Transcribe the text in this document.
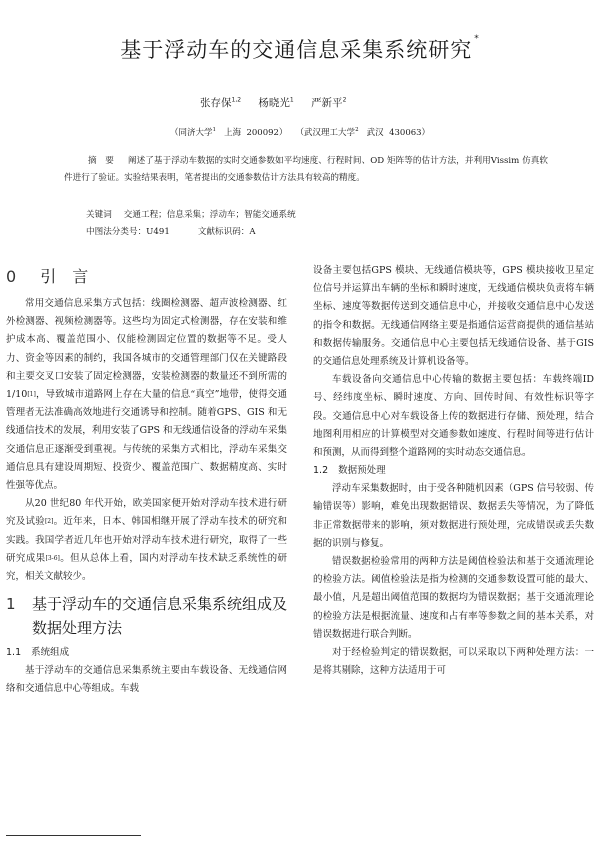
基于浮动车的交通信息采集系统研究 *
张存保$^{1,2}$ 杨晓光$^1$ 严新平$^2$
（同济大学$^1$ 上海 200092） （武汉理工大学$^2$ 武汉 430063）
摘　要 阐述了基于浮动车数据的实时交通参数如平均速度、行程时间、OD 矩阵等的估计方法，并利用Vissim 仿真软件进行了验证。实验结果表明，笔者提出的交通参数估计方法具有较高的精度。
关键词 交通工程；信息采集；浮动车；智能交通系统
中图法分类号：U491	文献标识码：A
0 引　言

常用交通信息采集方式包括：线圈检测器、超声波检测器、红外检测器、视频检测器等。这些均为固定式检测器，存在安装和维护成本高、覆盖范围小、仅能检测固定位置的数据等不足。受人力、资金等因素的制约，我国各城市的交通管理部门仅在关键路段和主要交叉口安装了固定检测器，安装检测器的数量还不到所需的 1/10[1]，导致城市道路网上存在大量的信息“真空”地带，使得交通管理者无法准确高效地进行交通诱导和控制。随着GPS、GIS 和无线通信技术的发展，利用安装了GPS 和无线通信设备的浮动车采集交通信息正逐渐受到重视。与传统的采集方式相比，浮动车采集交通信息具有建设周期短、投资少、覆盖范围广、数据精度高、实时性强等优点。

从20 世纪80 年代开始，欧美国家便开始对浮动车技术进行研究及试验[2]。近年来，日本、韩国相继开展了浮动车技术的研究和实践。我国学者近几年也开始对浮动车技术进行研究，取得了一些研究成果[3-6]。但从总体上看，国内对浮动车技术缺乏系统性的研究，相关文献较少。

1	基于浮动车的交通信息采集系统组成及数据处理方法
1.1 系统组成

基于浮动车的交通信息采集系统主要由车载设备、无线通信网络和交通信息中心等组成。车载

设备主要包括GPS 模块、无线通信模块等，GPS 模块接收卫星定位信号并运算出车辆的坐标和瞬时速度，无线通信模块负责将车辆坐标、速度等数据传送到交通信息中心，并接收交通信息中心发送的指令和数据。无线通信网络主要是指通信运营商提供的通信基站和数据传输服务。交通信息中心主要包括无线通信设备、基于GIS 的交通信息处理系统及计算机设备等。

车载设备向交通信息中心传输的数据主要包括：车载终端ID 号、经纬度坐标、瞬时速度、方向、回传时间、有效性标识等字段。交通信息中心对车载设备上传的数据进行存储、预处理，结合地图利用相应的计算模型对交通参数如速度、行程时间等进行估计和预测，从而得到整个道路网的实时动态交通信息。

1.2 数据预处理

浮动车采集数据时，由于受各种随机因素（GPS 信号较弱、传输错误等）影响，难免出现数据错误、数据丢失等情况，为了降低非正常数据带来的影响，须对数据进行预处理，完成错误或丢失数据的识别与修复。

错误数据检验常用的两种方法是阈值检验法和基于交通流理论的检验方法。阈值检验法是指为检测的交通参数设置可能的最大、最小值，凡是超出阈值范围的数据均为错误数据；基于交通流理论的检验方法是根据流量、速度和占有率等参数之间的基本关系，对错误数据进行联合判断。

对于经检验判定的错误数据，可以采取以下两种处理方法：一是将其剔除，这种方法适用于可
